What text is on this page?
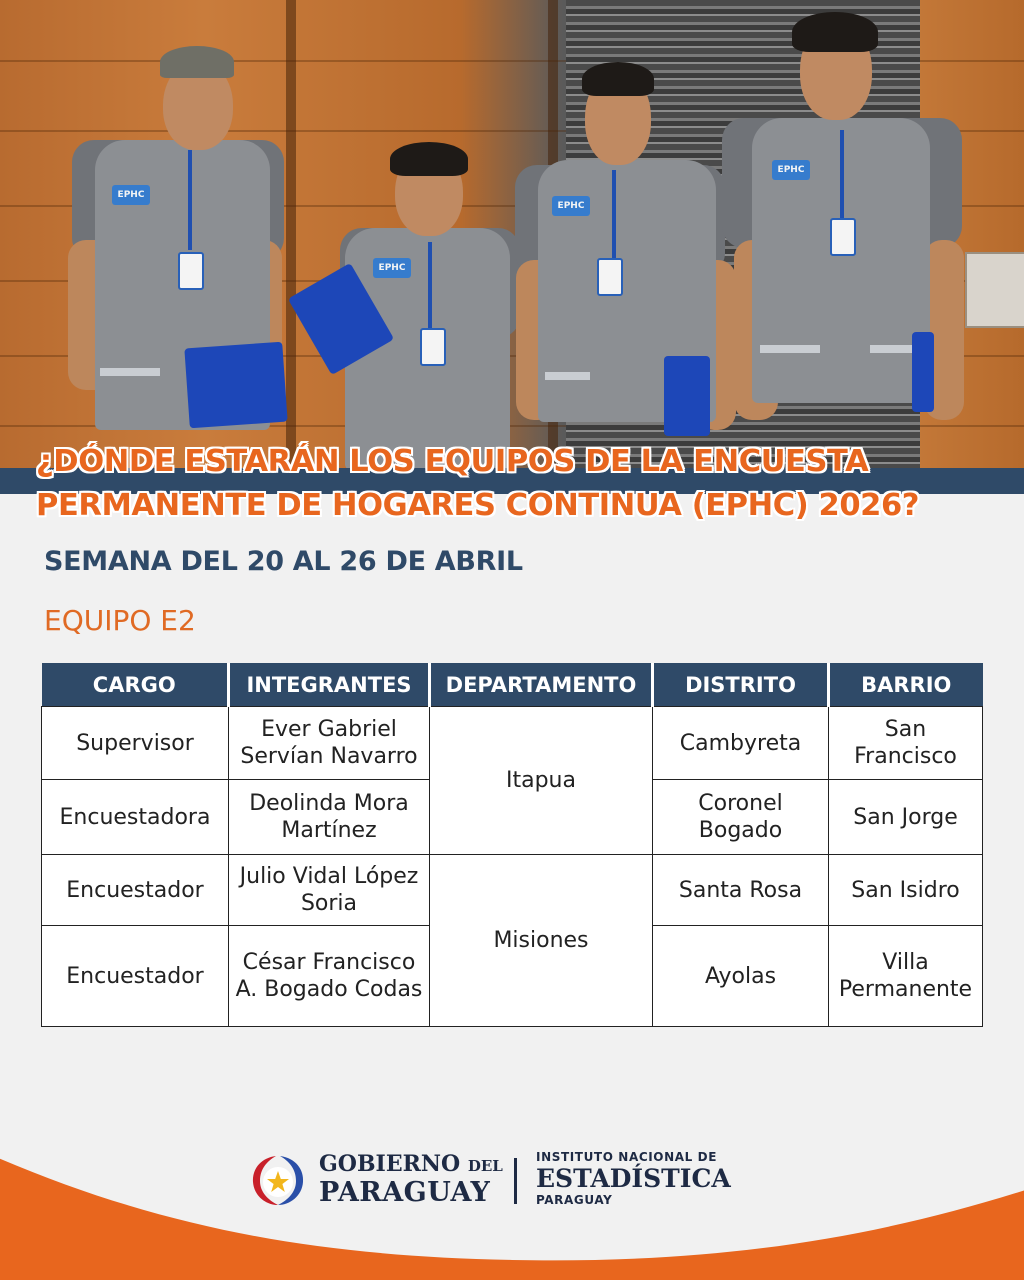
EPHC
EPHC
EPHC
EPHC
¿DÓNDE ESTARÁN LOS EQUIPOS DE LA ENCUESTA
PERMANENTE DE HOGARES CONTINUA (EPHC) 2026?

SEMANA DEL 20 AL 26 DE ABRIL

EQUIPO E2

CARGO	INTEGRANTES	DEPARTAMENTO	DISTRITO	BARRIO
Supervisor	Ever Gabriel Servían Navarro	Itapua	Cambyreta	San Francisco
Encuestadora	Deolinda Mora Martínez		Coronel Bogado	San Jorge
Encuestador	Julio Vidal López Soria	Misiones	Santa Rosa	San Isidro
Encuestador	César Francisco A. Bogado Codas		Ayolas	Villa Permanente
GOBIERNO DEL
PARAGUAY
INSTITUTO NACIONAL DE
ESTADÍSTICA
PARAGUAY
